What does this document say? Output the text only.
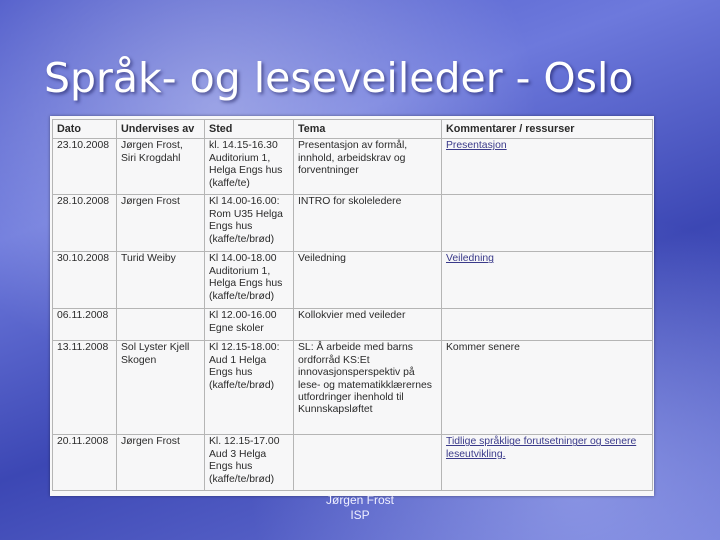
Språk- og leseveileder - Oslo
Dato	Undervises av	Sted	Tema	Kommentarer / ressurser
23.10.2008	Jørgen Frost, Siri Krogdahl	kl. 14.15-16.30 Auditorium 1, Helga Engs hus (kaffe/te)	Presentasjon av formål, innhold, arbeidskrav og forventninger	Presentasjon
28.10.2008	Jørgen Frost	Kl 14.00-16.00: Rom U35 Helga Engs hus (kaffe/te/brød)	INTRO for skoleledere	
30.10.2008	Turid Weiby	Kl 14.00-18.00 Auditorium 1, Helga Engs hus (kaffe/te/brød)	Veiledning	Veiledning
06.11.2008		Kl 12.00-16.00 Egne skoler	Kollokvier med veileder	
13.11.2008	Sol Lyster Kjell Skogen	Kl 12.15-18.00: Aud 1 Helga Engs hus (kaffe/te/brød)	SL: Å arbeide med barns ordforråd KS:Et innovasjonsperspektiv på lese- og matematikklærernes utfordringer ihenhold til Kunnskapsløftet	Kommer senere
20.11.2008	Jørgen Frost	Kl. 12.15-17.00 Aud 3 Helga Engs hus (kaffe/te/brød)		Tidlige språklige forutsetninger og senere leseutvikling.
Jørgen Frost
ISP
